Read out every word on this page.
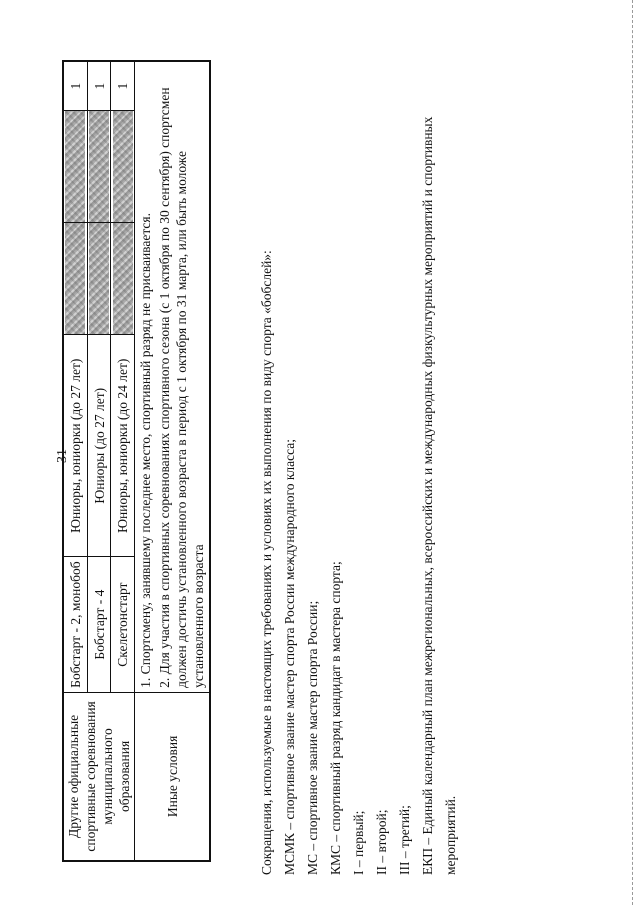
31
Другие официальные спортивные соревнования муниципального образования	Бобстарт - 2, монобоб	Юниоры, юниорки (до 27 лет)			1
	Бобстарт - 4	Юниоры (до 27 лет)			1
	Скелетонстарт	Юниоры, юниорки (до 24 лет)			1
Иные условия	1. Спортсмену, занявшему последнее место, спортивный разряд не присваивается. 2. Для участия в спортивных соревнованиях спортивного сезона (с 1 октября по 30 сентября) спортсмен должен достичь установленного возраста в период с 1 октября по 31 марта, или быть моложе установленного возраста					Сокращения, используемые в настоящих требованиях и условиях их выполнения по виду спорта «бобслей»: МСМК – спортивное звание мастер спорта России международного класса; МС – спортивное звание мастер спорта России; КМС – спортивный разряд кандидат в мастера спорта; I – первый; II – второй; III – третий; ЕКП – Единый календарный план межрегиональных, всероссийских и международных физкультурных мероприятий и спортивных мероприятий.
